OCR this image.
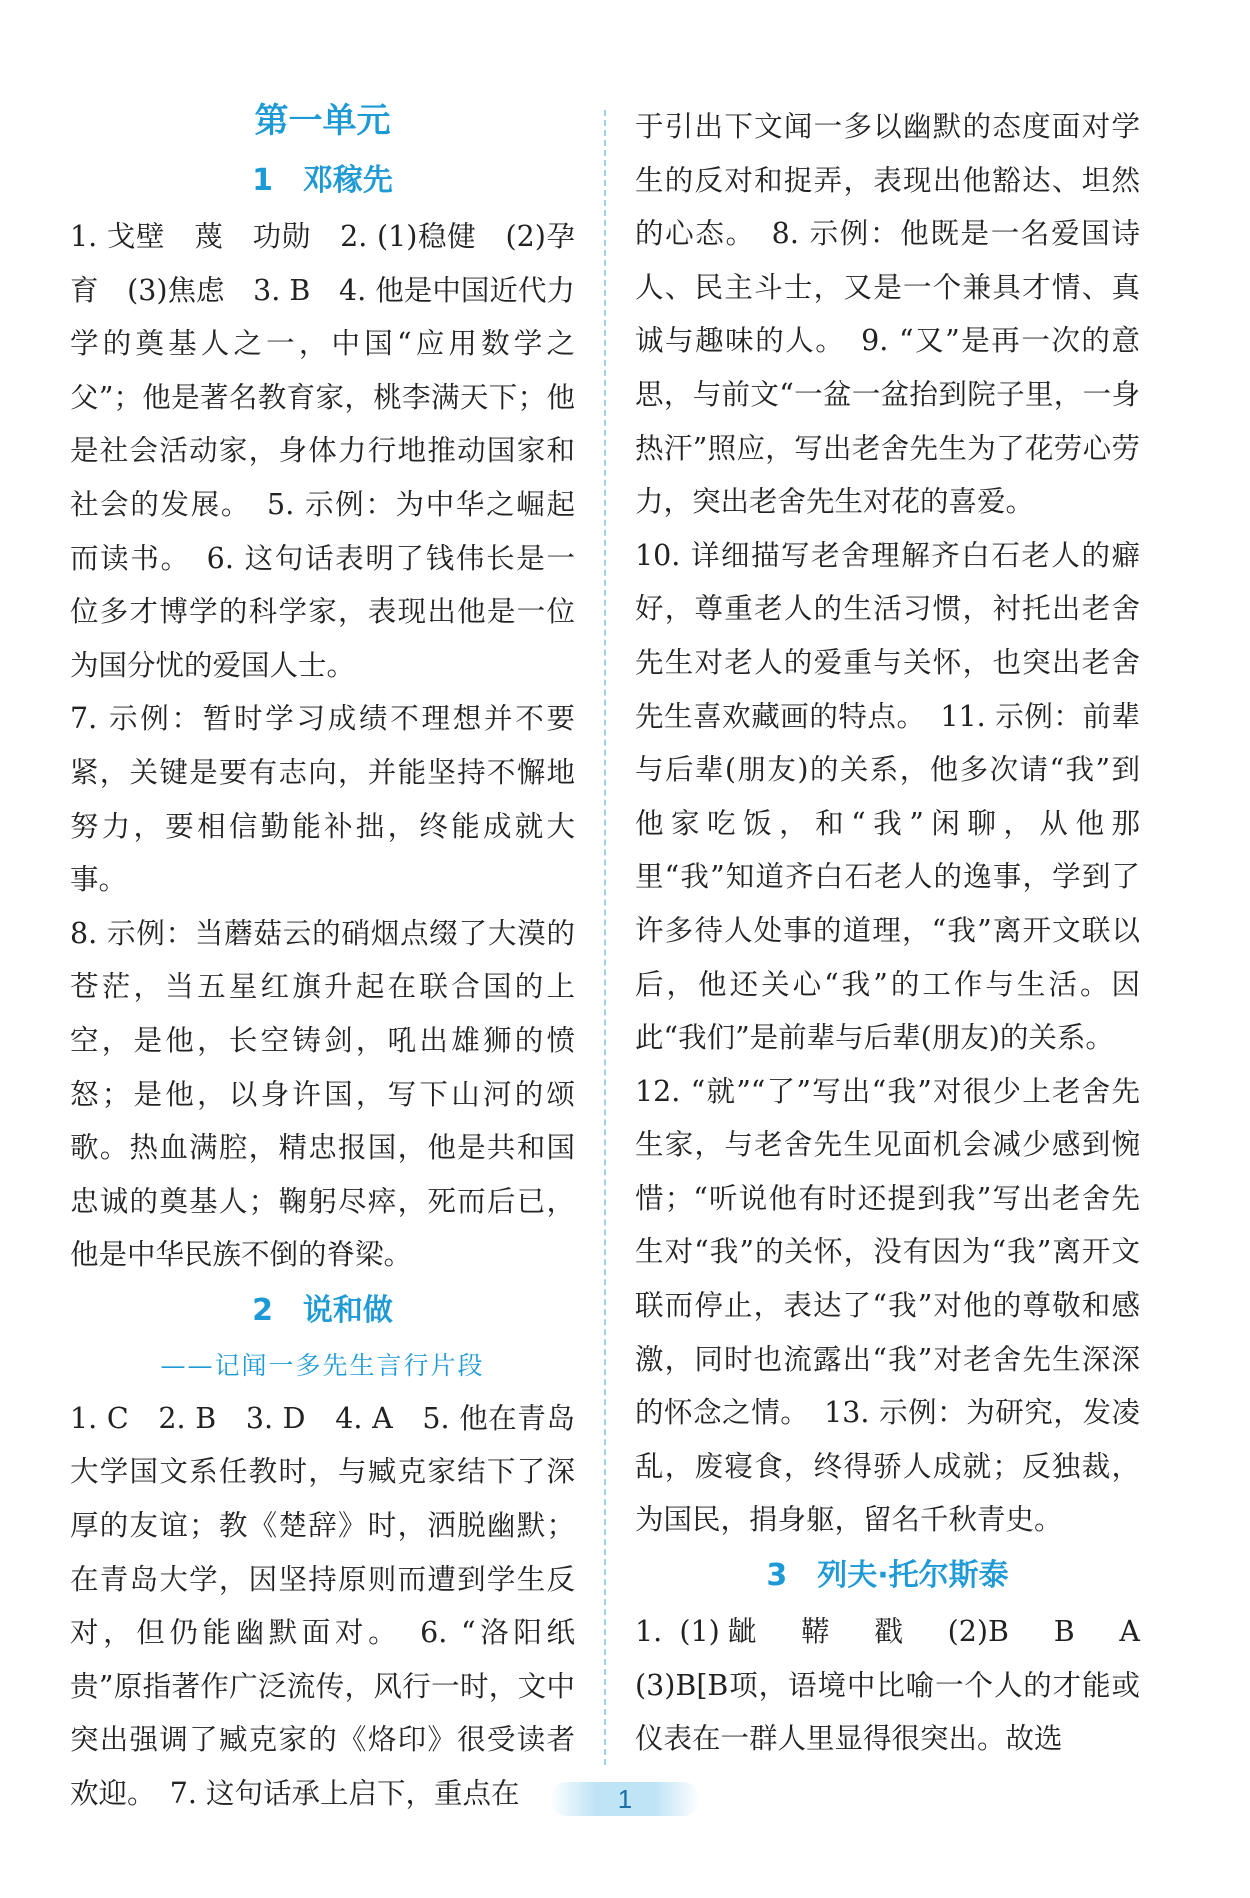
第一单元
1　邓稼先

1. 戈壁　蔑　功勋　2. (1)稳健　(2)孕育　(3)焦虑　3. B　4. 他是中国近代力学的奠基人之一，中国“应用数学之父”；他是著名教育家，桃李满天下；他是社会活动家，身体力行地推动国家和社会的发展。　5. 示例：为中华之崛起而读书。　6. 这句话表明了钱伟长是一位多才博学的科学家，表现出他是一位为国分忧的爱国人士。

7. 示例：暂时学习成绩不理想并不要紧，关键是要有志向，并能坚持不懈地努力，要相信勤能补拙，终能成就大事。

8. 示例：当蘑菇云的硝烟点缀了大漠的苍茫，当五星红旗升起在联合国的上空，是他，长空铸剑，吼出雄狮的愤怒；是他，以身许国，写下山河的颂歌。热血满腔，精忠报国，他是共和国忠诚的奠基人；鞠躬尽瘁，死而后已，他是中华民族不倒的脊梁。

2　说和做
——记闻一多先生言行片段

1. C　2. B　3. D　4. A　5. 他在青岛大学国文系任教时，与臧克家结下了深厚的友谊；教《楚辞》时，洒脱幽默；在青岛大学，因坚持原则而遭到学生反对，但仍能幽默面对。　6. “洛阳纸贵”原指著作广泛流传，风行一时，文中突出强调了臧克家的《烙印》很受读者欢迎。　7. 这句话承上启下，重点在

于引出下文闻一多以幽默的态度面对学生的反对和捉弄，表现出他豁达、坦然的心态。　8. 示例：他既是一名爱国诗人、民主斗士，又是一个兼具才情、真诚与趣味的人。　9. “又”是再一次的意思，与前文“一盆一盆抬到院子里，一身热汗”照应，写出老舍先生为了花劳心劳力，突出老舍先生对花的喜爱。

10. 详细描写老舍理解齐白石老人的癖好，尊重老人的生活习惯，衬托出老舍先生对老人的爱重与关怀，也突出老舍先生喜欢藏画的特点。　11. 示例：前辈与后辈(朋友)的关系，他多次请“我”到他家吃饭，和“我”闲聊，从他那里“我”知道齐白石老人的逸事，学到了许多待人处事的道理，“我”离开文联以后，他还关心“我”的工作与生活。因此“我们”是前辈与后辈(朋友)的关系。

12. “就”“了”写出“我”对很少上老舍先生家，与老舍先生见面机会减少感到惋惜；“听说他有时还提到我”写出老舍先生对“我”的关怀，没有因为“我”离开文联而停止，表达了“我”对他的尊敬和感激，同时也流露出“我”对老舍先生深深的怀念之情。　13. 示例：为研究，发凌乱，废寝食，终得骄人成就；反独裁，为国民，捐身躯，留名千秋青史。

3　列夫·托尔斯泰

1. (1)龇　鞯　戳　(2)B　B　A　(3)B[B项，语境中比喻一个人的才能或仪表在一群人里显得很突出。故选

1
